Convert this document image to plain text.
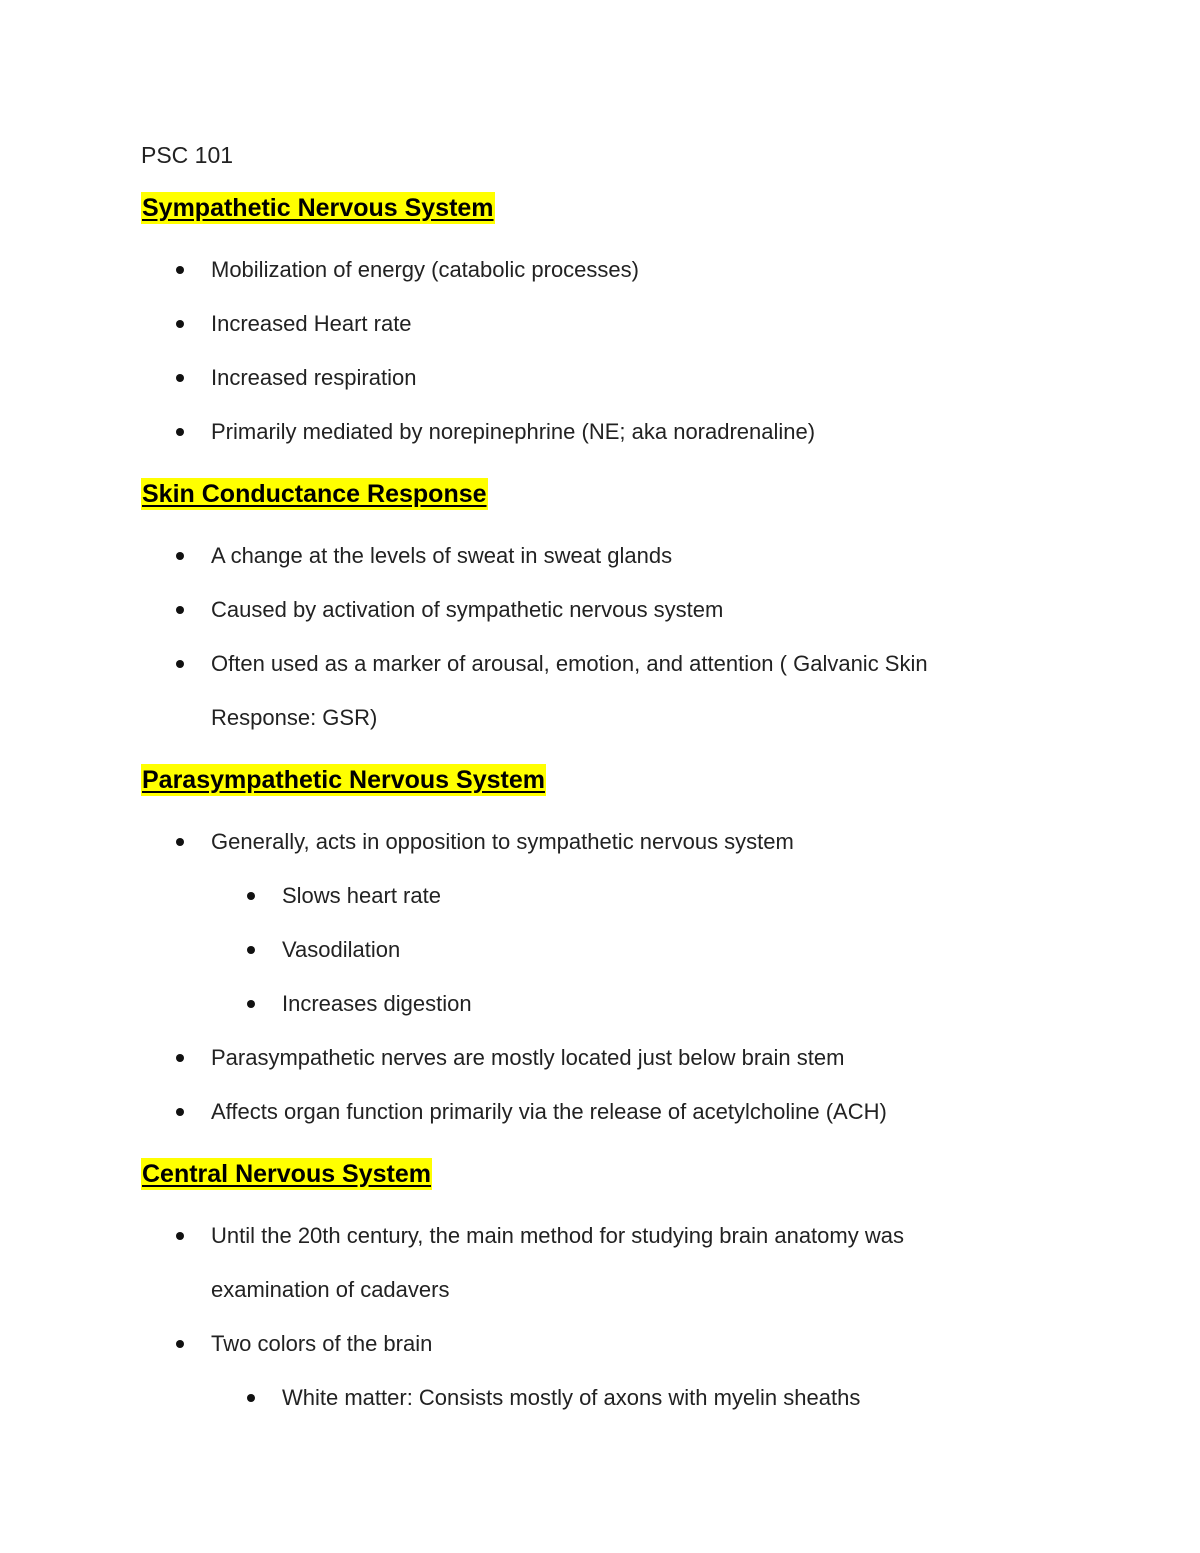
PSC 101
Sympathetic Nervous System
Mobilization of energy (catabolic processes)
Increased Heart rate
Increased respiration
Primarily mediated by norepinephrine (NE; aka noradrenaline)
Skin Conductance Response
A change at the levels of sweat in sweat glands
Caused by activation of sympathetic nervous system
Often used as a marker of arousal, emotion, and attention ( Galvanic Skin Response: GSR)
Parasympathetic Nervous System
Generally, acts in opposition to sympathetic nervous system
Slows heart rate
Vasodilation
Increases digestion
Parasympathetic nerves are mostly located just below brain stem
Affects organ function primarily via the release of acetylcholine (ACH)
Central Nervous System
Until the 20th century, the main method for studying brain anatomy was examination of cadavers
Two colors of the brain
White matter: Consists mostly of axons with myelin sheaths
